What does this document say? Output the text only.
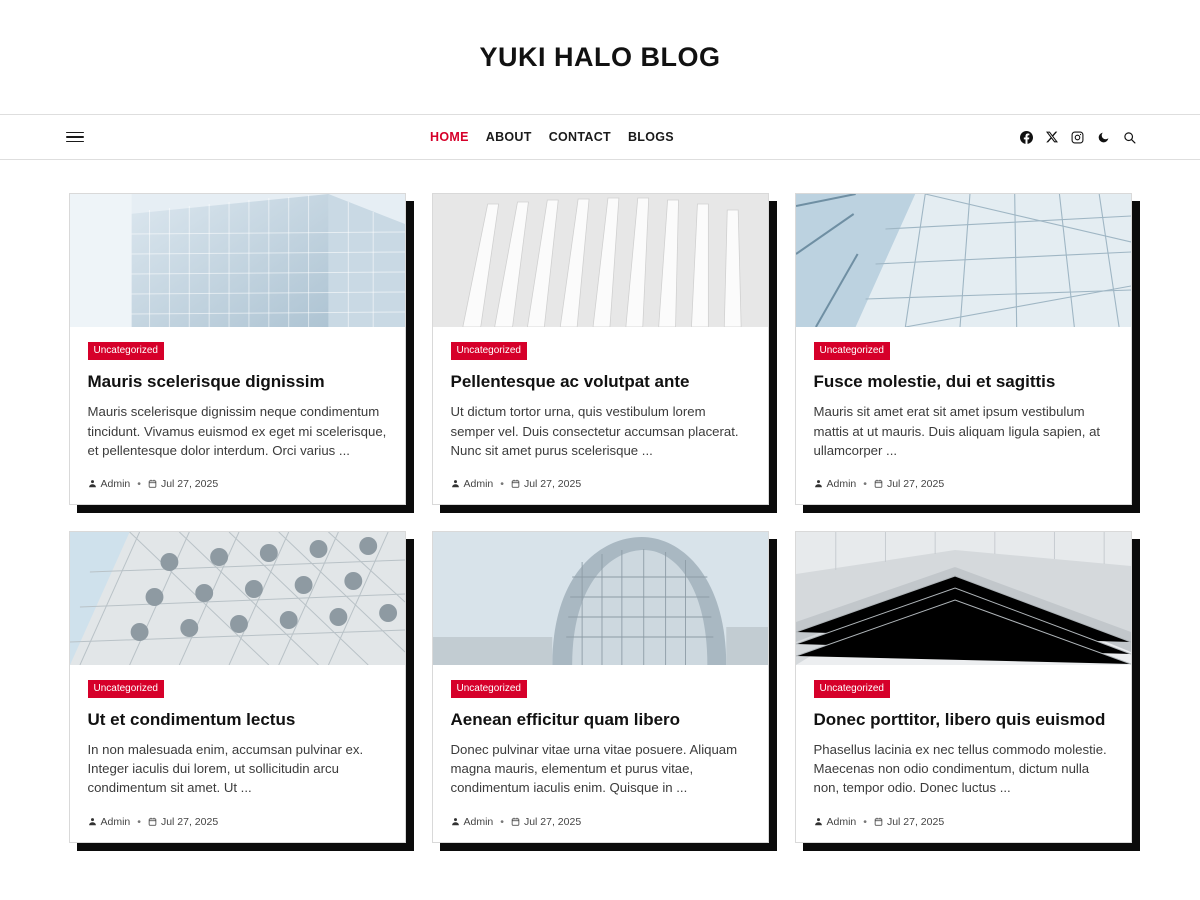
YUKI HALO BLOG
HOME ABOUT CONTACT BLOGS
Uncategorized
Mauris scelerisque dignissim

Mauris scelerisque dignissim neque condimentum tincidunt. Vivamus euismod ex eget mi scelerisque, et pellentesque dolor interdum. Orci varius ...

Admin • Jul 27, 2025
Uncategorized
Pellentesque ac volutpat ante

Ut dictum tortor urna, quis vestibulum lorem semper vel. Duis consectetur accumsan placerat. Nunc sit amet purus scelerisque ...

Admin • Jul 27, 2025
Uncategorized
Fusce molestie, dui et sagittis

Mauris sit amet erat sit amet ipsum vestibulum mattis at ut mauris. Duis aliquam ligula sapien, at ullamcorper ...

Admin • Jul 27, 2025
Uncategorized
Ut et condimentum lectus

In non malesuada enim, accumsan pulvinar ex. Integer iaculis dui lorem, ut sollicitudin arcu condimentum sit amet. Ut ...

Admin • Jul 27, 2025
Uncategorized
Aenean efficitur quam libero

Donec pulvinar vitae urna vitae posuere. Aliquam magna mauris, elementum et purus vitae, condimentum iaculis enim. Quisque in ...

Admin • Jul 27, 2025
Uncategorized
Donec porttitor, libero quis euismod

Phasellus lacinia ex nec tellus commodo molestie. Maecenas non odio condimentum, dictum nulla non, tempor odio. Donec luctus ...

Admin • Jul 27, 2025
